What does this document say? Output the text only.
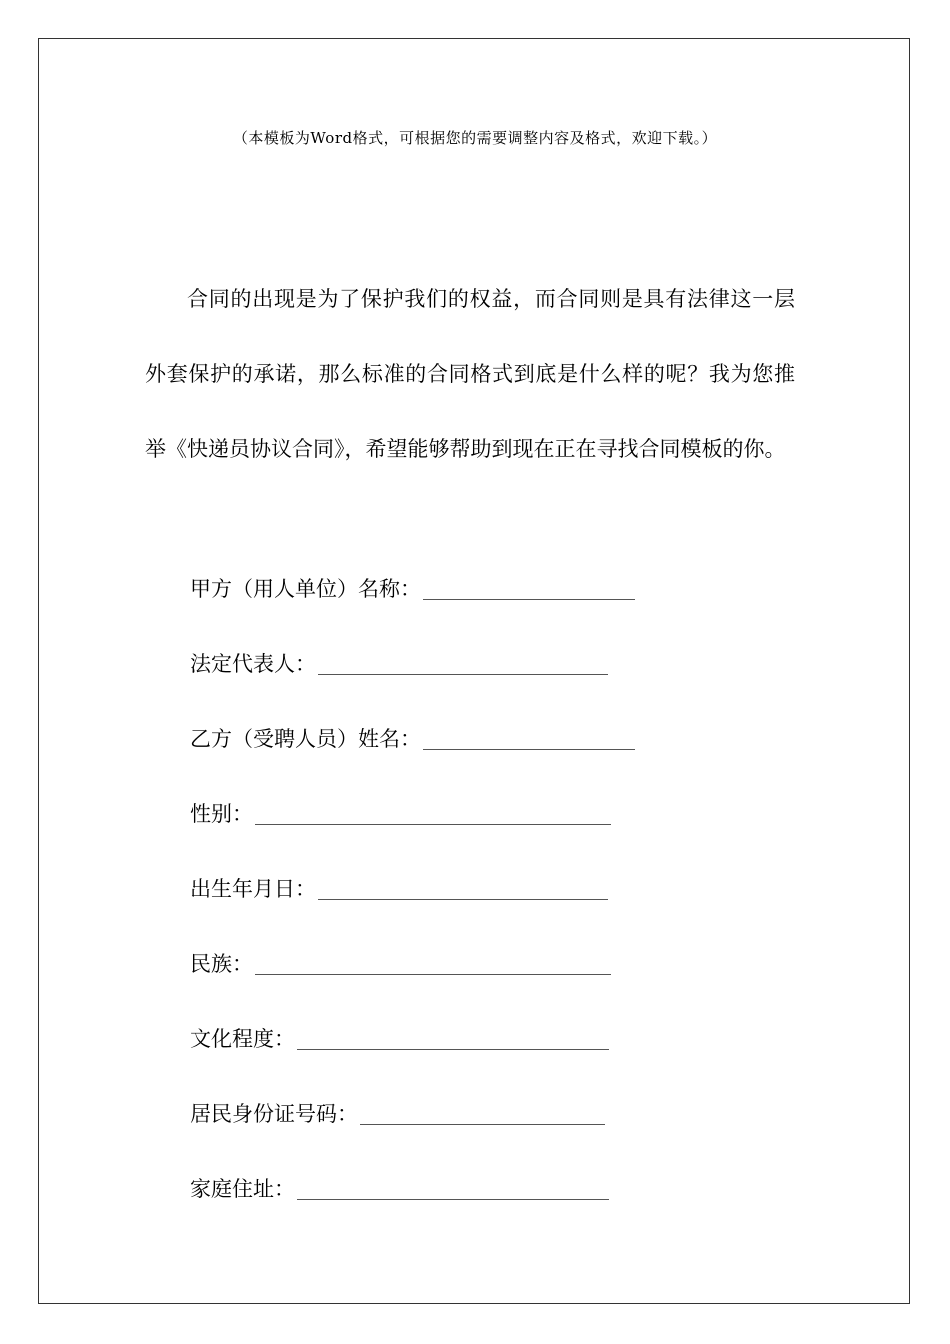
（本模板为Word格式，可根据您的需要调整内容及格式，欢迎下载。）

合同的出现是为了保护我们的权益，而合同则是具有法律这一层外套保护的承诺，那么标准的合同格式到底是什么样的呢？我为您推举《快递员协议合同》，希望能够帮助到现在正在寻找合同模板的你。

甲方（用人单位）名称：
法定代表人：
乙方（受聘人员）姓名：
性别：
出生年月日：
民族：
文化程度：
居民身份证号码：
家庭住址：
